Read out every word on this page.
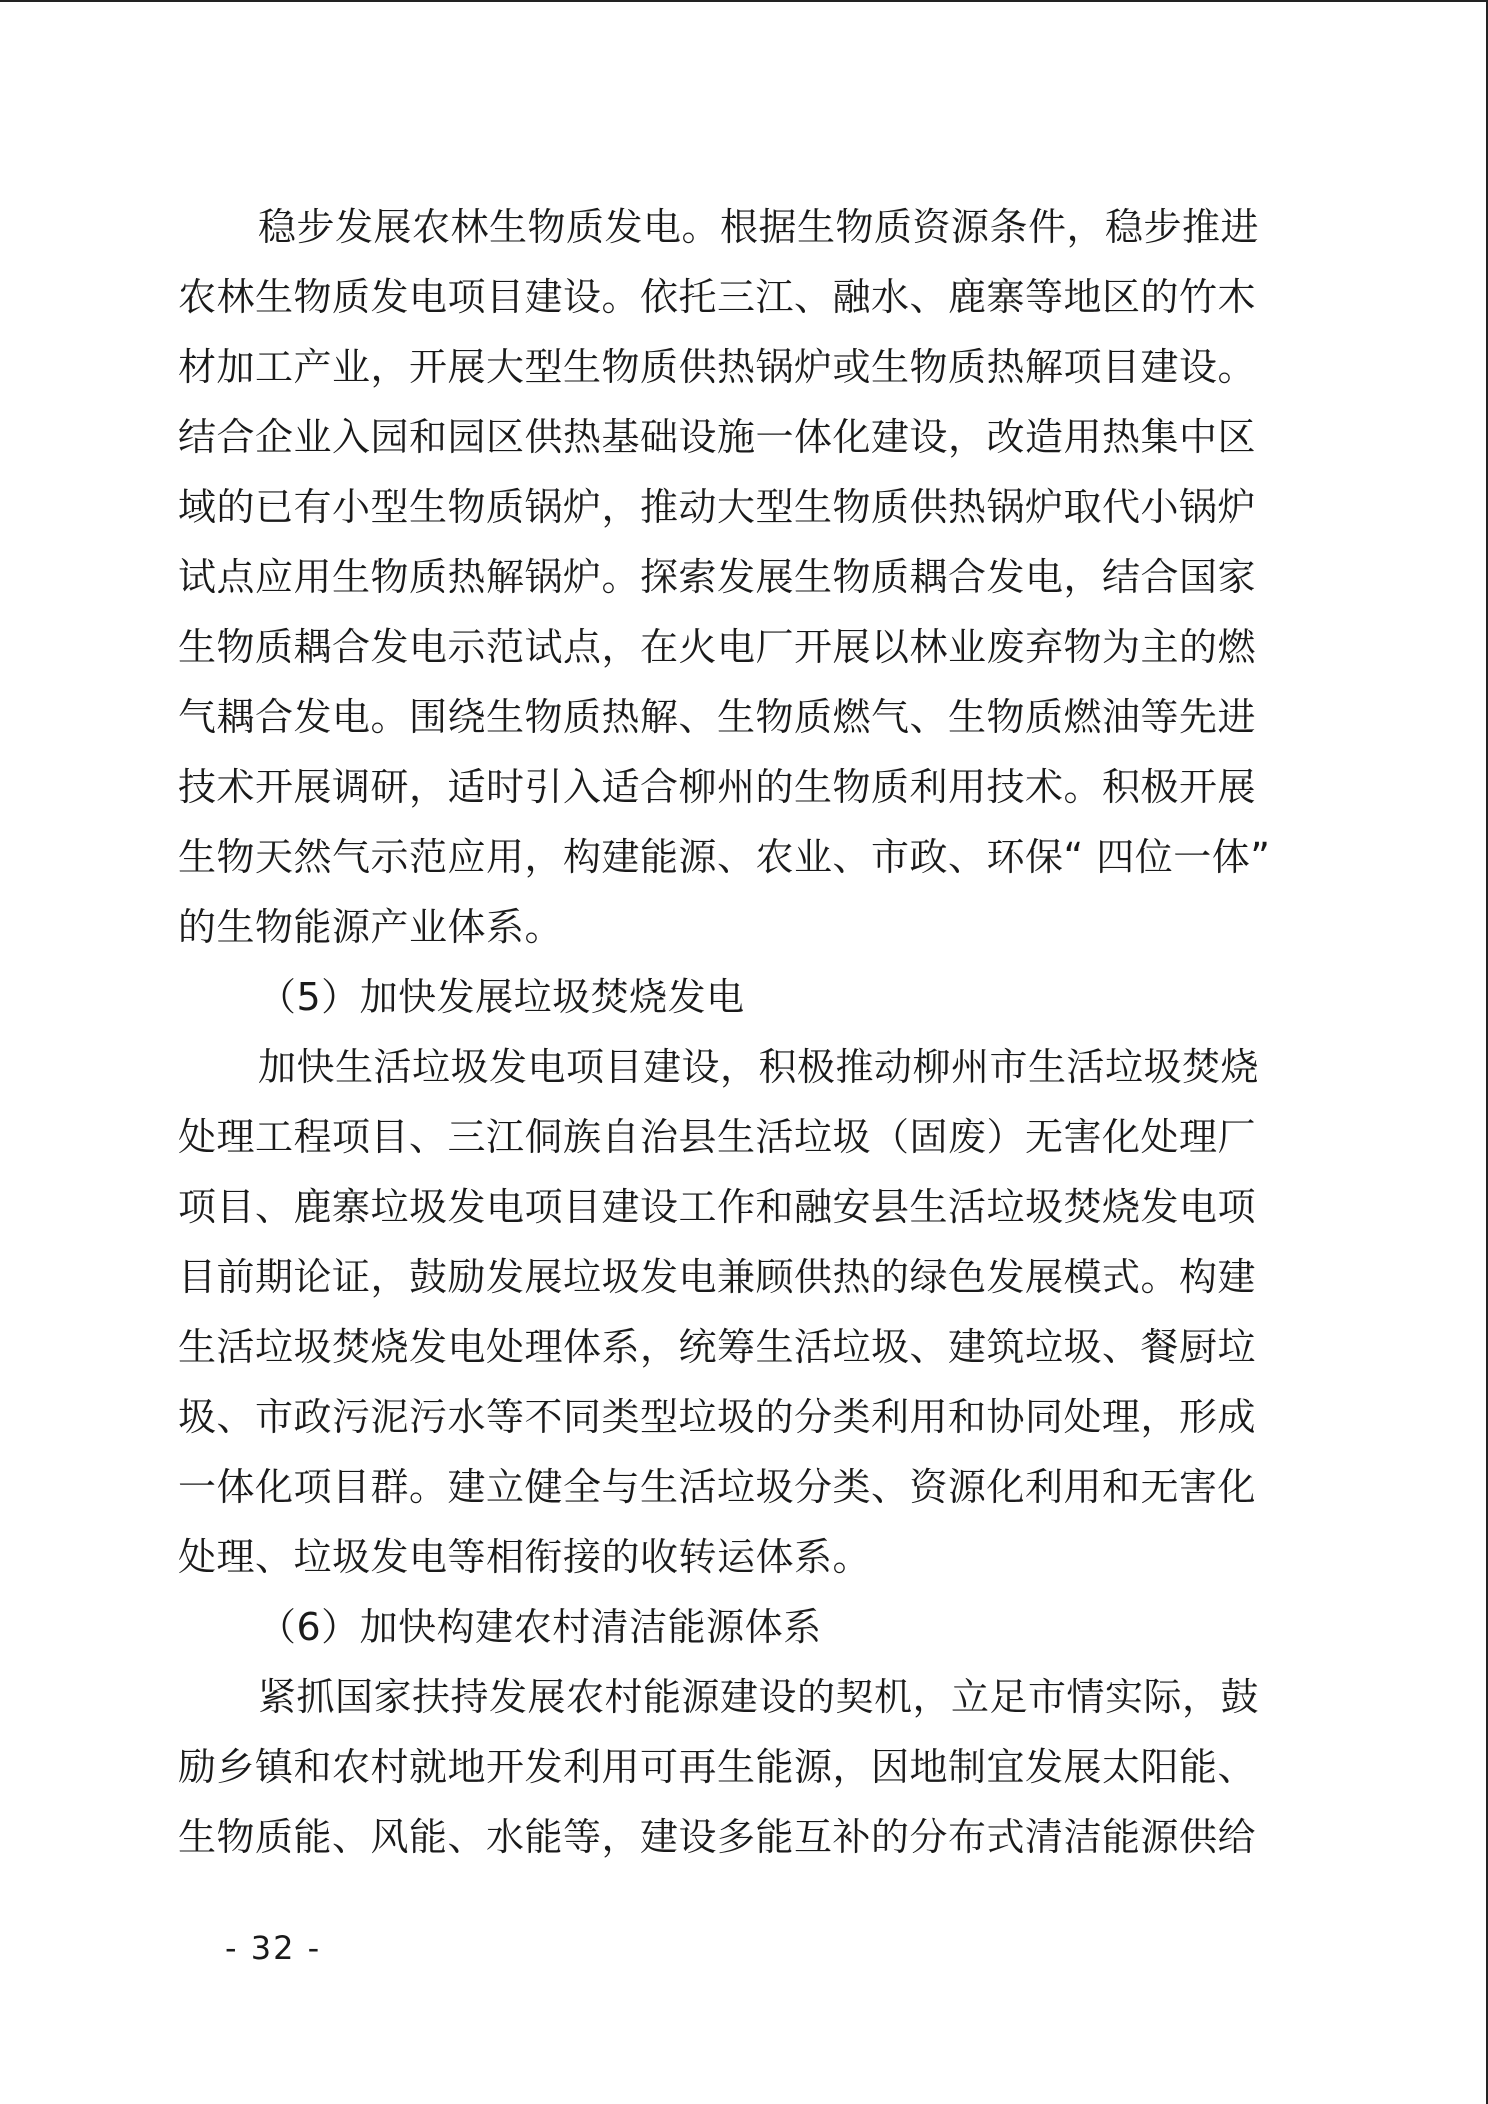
稳步发展农林生物质发电。根据生物质资源条件，稳步推进
农林生物质发电项目建设。依托三江、融水、鹿寨等地区的竹木
材加工产业，开展大型生物质供热锅炉或生物质热解项目建设。
结合企业入园和园区供热基础设施一体化建设，改造用热集中区
域的已有小型生物质锅炉，推动大型生物质供热锅炉取代小锅炉
试点应用生物质热解锅炉。探索发展生物质耦合发电，结合国家
生物质耦合发电示范试点，在火电厂开展以林业废弃物为主的燃
气耦合发电。围绕生物质热解、生物质燃气、生物质燃油等先进
技术开展调研，适时引入适合柳州的生物质利用技术。积极开展
生物天然气示范应用，构建能源、农业、市政、环保“ 四位一体”
的生物能源产业体系。
（5）加快发展垃圾焚烧发电
加快生活垃圾发电项目建设，积极推动柳州市生活垃圾焚烧
处理工程项目、三江侗族自治县生活垃圾（固废）无害化处理厂
项目、鹿寨垃圾发电项目建设工作和融安县生活垃圾焚烧发电项
目前期论证，鼓励发展垃圾发电兼顾供热的绿色发展模式。构建
生活垃圾焚烧发电处理体系，统筹生活垃圾、建筑垃圾、餐厨垃
圾、市政污泥污水等不同类型垃圾的分类利用和协同处理，形成
一体化项目群。建立健全与生活垃圾分类、资源化利用和无害化
处理、垃圾发电等相衔接的收转运体系。
（6）加快构建农村清洁能源体系
紧抓国家扶持发展农村能源建设的契机，立足市情实际，鼓
励乡镇和农村就地开发利用可再生能源，因地制宜发展太阳能、
生物质能、风能、水能等，建设多能互补的分布式清洁能源供给
- 32 -
